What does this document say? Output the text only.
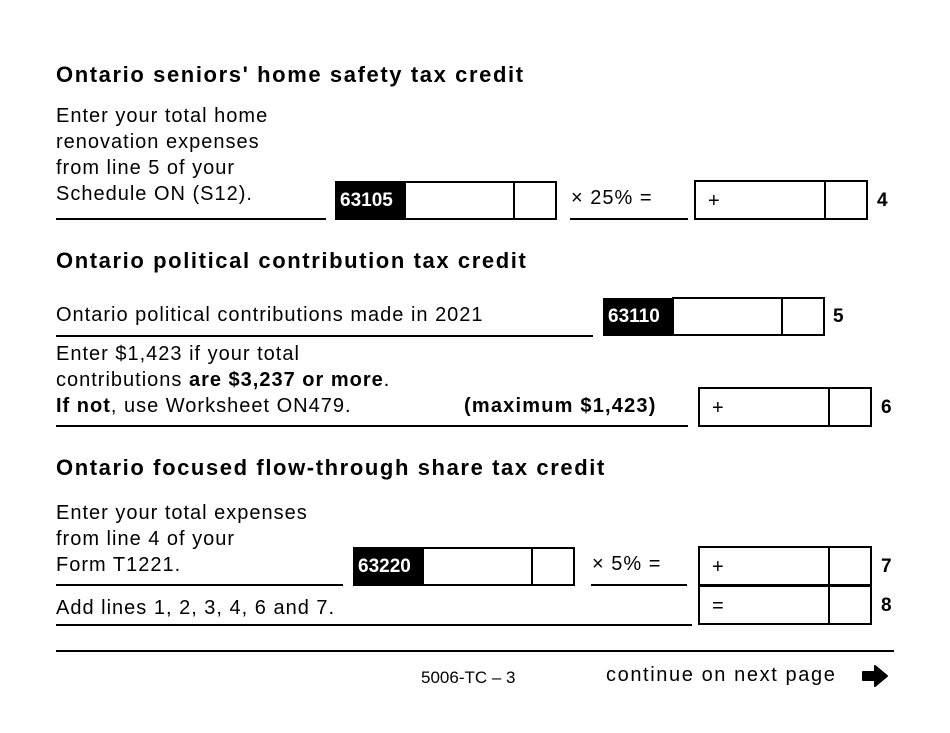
Ontario seniors' home safety tax credit
Enter your total home
renovation expenses
from line 5 of your
Schedule ON (S12).	63105	× 25% =	+	4
Ontario political contribution tax credit
Ontario political contributions made in 2021	63110	5
Enter $1,423 if your total
contributions are $3,237 or more.
If not, use Worksheet ON479.	(maximum $1,423)	+	6
Ontario focused flow-through share tax credit
Enter your total expenses
from line 4 of your
Form T1221.	63220	× 5% =	+	7
Add lines 1, 2, 3, 4, 6 and 7.	=	8
5006-TC – 3	continue on next page
